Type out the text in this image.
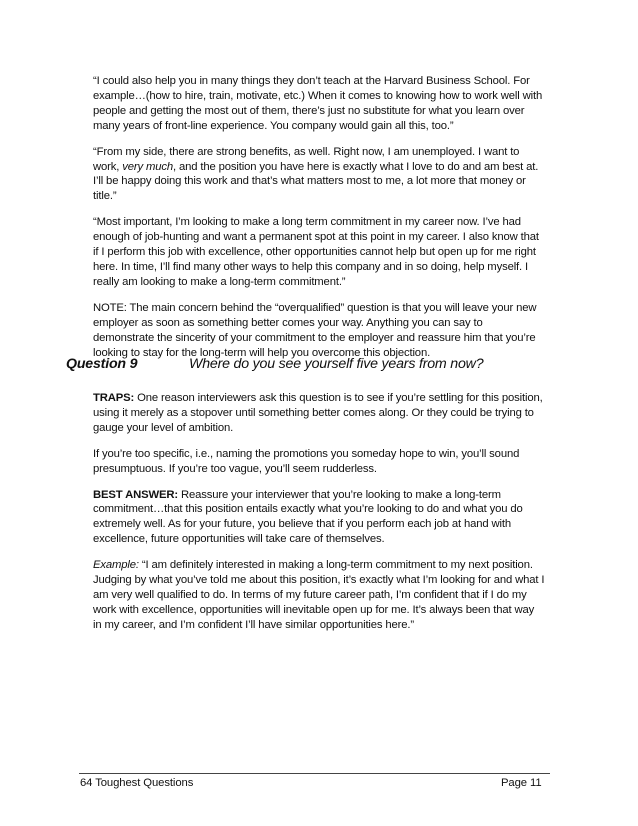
“I could also help you in many things they don’t teach at the Harvard Business School. For example…(how to hire, train, motivate, etc.) When it comes to knowing how to work well with people and getting the most out of them, there’s just no substitute for what you learn over many years of front-line experience. You company would gain all this, too.”

“From my side, there are strong benefits, as well. Right now, I am unemployed. I want to work, very much, and the position you have here is exactly what I love to do and am best at. I’ll be happy doing this work and that’s what matters most to me, a lot more that money or title.”

“Most important, I’m looking to make a long term commitment in my career now. I’ve had enough of job-hunting and want a permanent spot at this point in my career. I also know that if I perform this job with excellence, other opportunities cannot help but open up for me right here. In time, I’ll find many other ways to help this company and in so doing, help myself. I really am looking to make a long-term commitment.”

NOTE: The main concern behind the “overqualified” question is that you will leave your new employer as soon as something better comes your way. Anything you can say to demonstrate the sincerity of your commitment to the employer and reassure him that you’re looking to stay for the long-term will help you overcome this objection.

Question 9	Where do you see yourself five years from now?

TRAPS: One reason interviewers ask this question is to see if you’re settling for this position, using it merely as a stopover until something better comes along. Or they could be trying to gauge your level of ambition.

If you’re too specific, i.e., naming the promotions you someday hope to win, you’ll sound presumptuous. If you’re too vague, you’ll seem rudderless.

BEST ANSWER: Reassure your interviewer that you’re looking to make a long-term commitment…that this position entails exactly what you’re looking to do and what you do extremely well. As for your future, you believe that if you perform each job at hand with excellence, future opportunities will take care of themselves.

Example: “I am definitely interested in making a long-term commitment to my next position. Judging by what you’ve told me about this position, it’s exactly what I’m looking for and what I am very well qualified to do. In terms of my future career path, I’m confident that if I do my work with excellence, opportunities will inevitable open up for me. It’s always been that way in my career, and I’m confident I’ll have similar opportunities here.”

64 Toughest Questions	Page 11
